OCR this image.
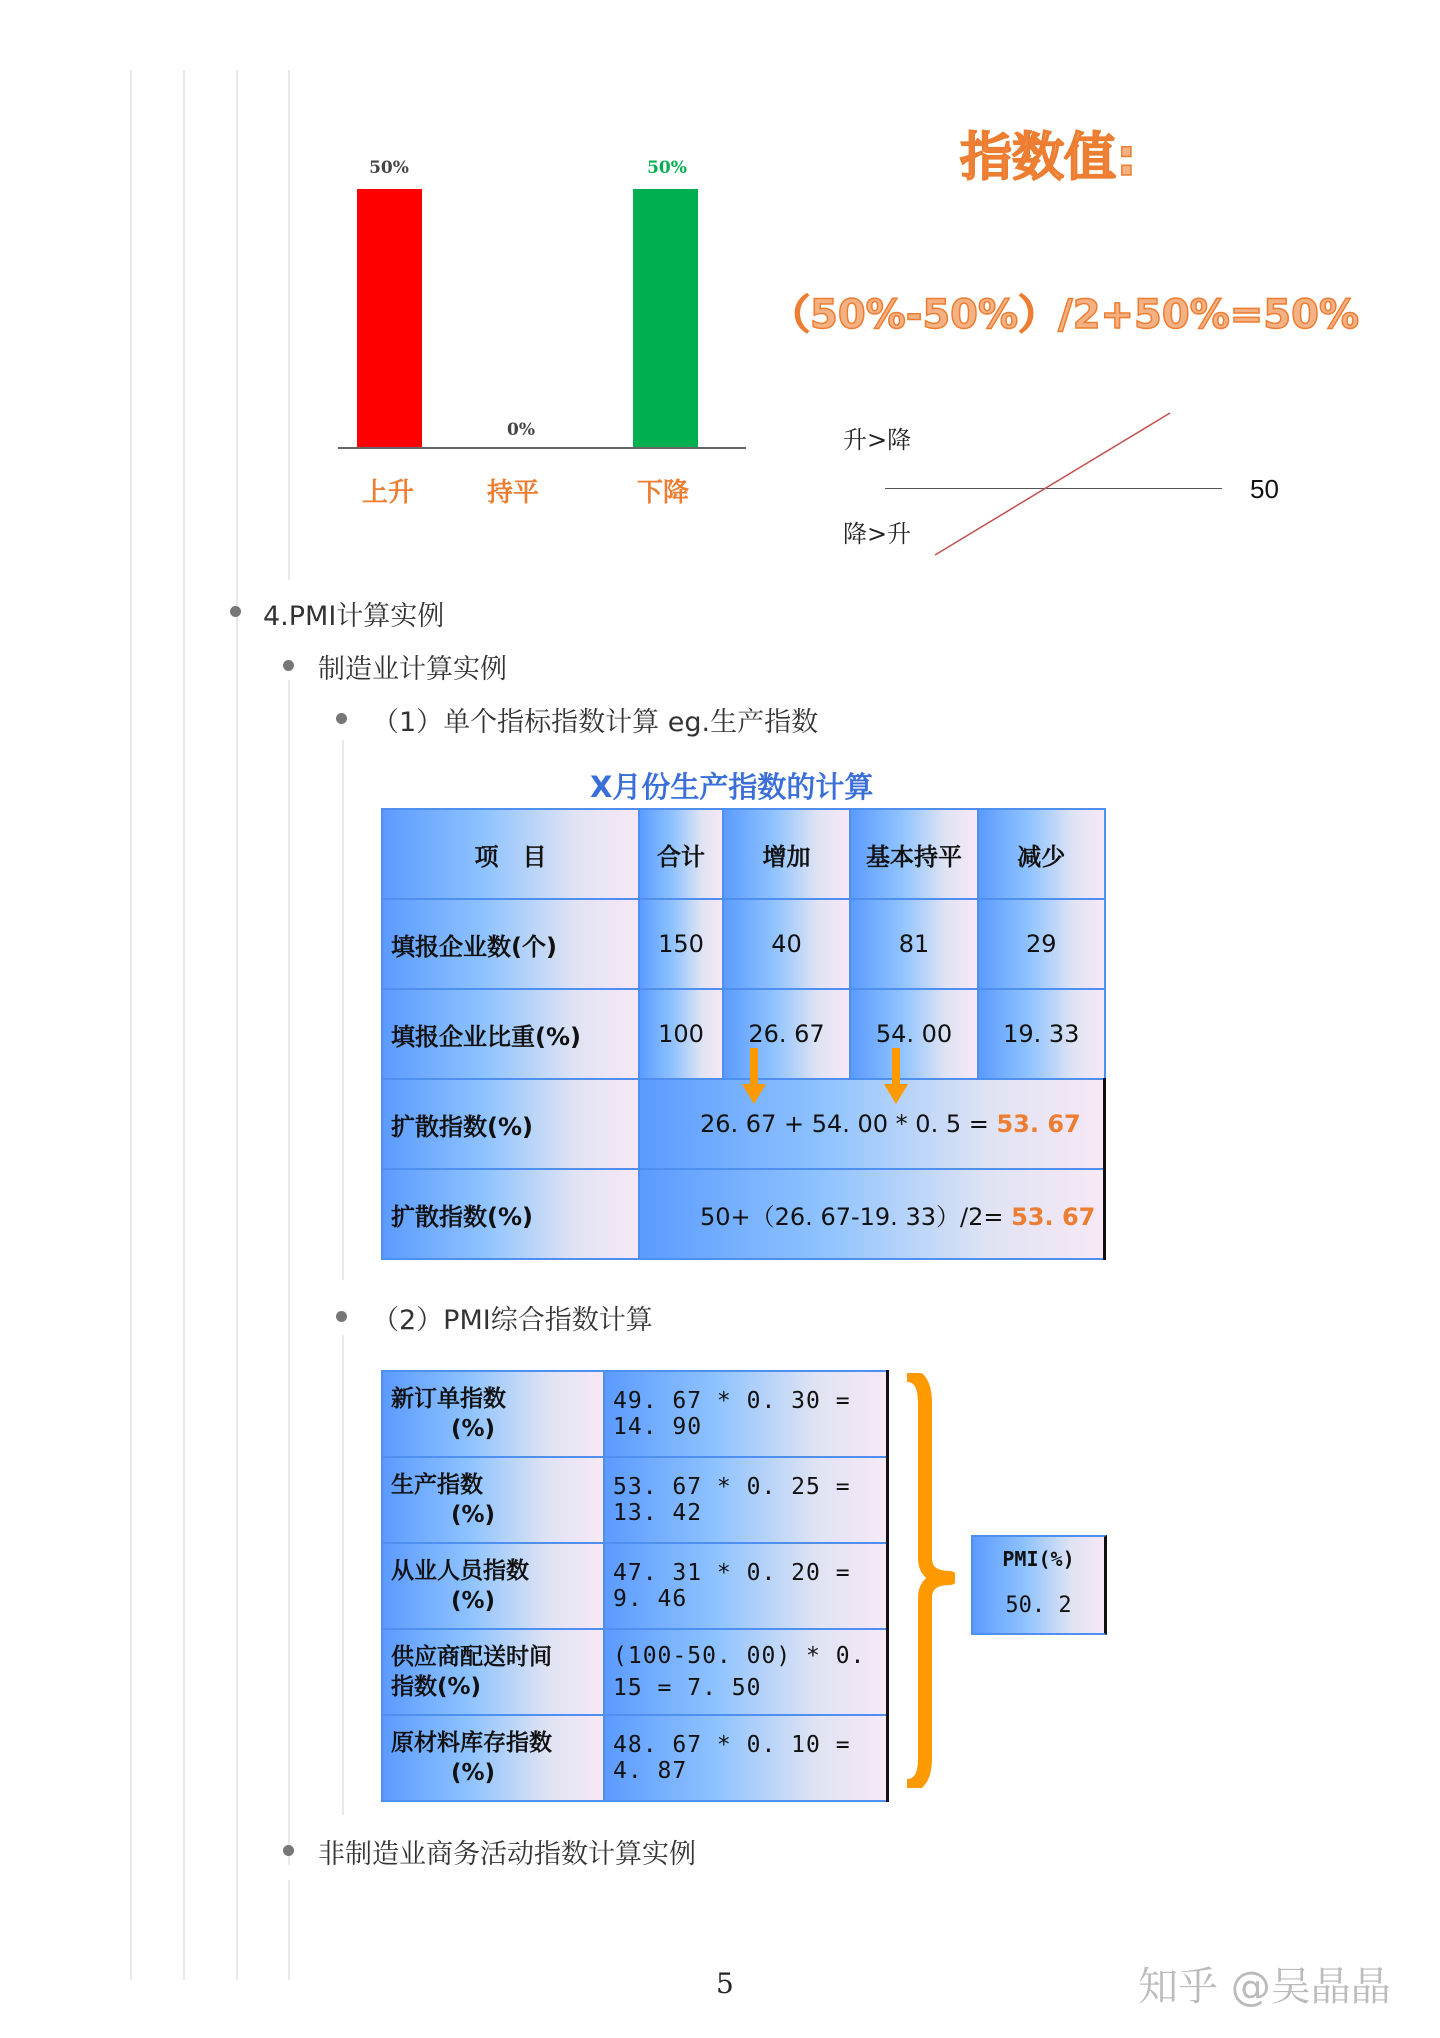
50%
0%
50%
上升	持平	下降
指数值:
（50%-50%）/2+50%=50%
升>降
降>升
50
4.PMI计算实例
制造业计算实例
（1）单个指标指数计算 eg.生产指数
X月份生产指数的计算
项　目	合计	增加	基本持平	减少
填报企业数(个)	150	40	81	29
填报企业比重(%)	100	26. 67	54. 00	19. 33
扩散指数(%)	26. 67 + 54. 00 * 0. 5 = 53. 67			
扩散指数(%)	50+（26. 67-19. 33）/2= 53. 67			
（2）PMI综合指数计算
新订单指数
(%)	49. 67 * 0. 30 = 14. 90

生产指数
(%)	53. 67 * 0. 25 = 13. 42

从业人员指数
(%)	47. 31 * 0. 20 = 9. 46

供应商配送时间
指数(%)	(100-50. 00) * 0. 15 = 7. 50

原材料库存指数
(%)	48. 67 * 0. 10 = 4. 87
PMI(%)
50. 2
非制造业商务活动指数计算实例
5	知乎 @吴晶晶
